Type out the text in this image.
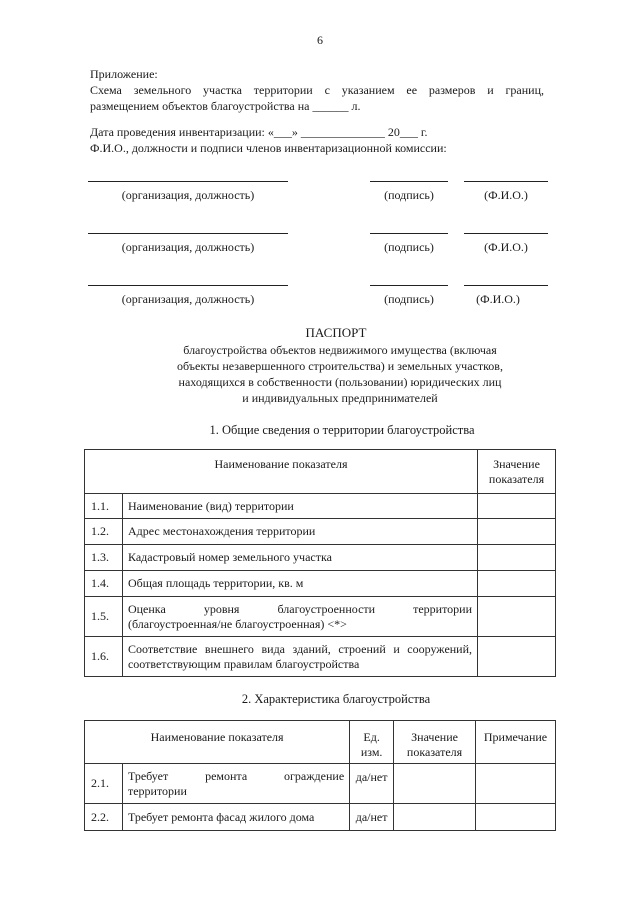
6
Приложение:
Схема земельного участка территории с указанием ее размеров и границ,
размещением объектов благоустройства на ______ л.
Дата проведения инвентаризации: «___» ______________ 20___ г.
Ф.И.О., должности и подписи членов инвентаризационной комиссии:
(организация, должность)	(подпись)	(Ф.И.О.)
(организация, должность)	(подпись)	(Ф.И.О.)
(организация, должность)	(подпись)	(Ф.И.О.)
ПАСПОРТ
благоустройства объектов недвижимого имущества (включая
объекты незавершенного строительства) и земельных участков,
находящихся в собственности (пользовании) юридических лиц
и индивидуальных предпринимателей
1. Общие сведения о территории благоустройства
Наименование показателя		Значение показателя
1.1.	Наименование (вид) территории	
1.2.	Адрес местонахождения территории	
1.3.	Кадастровый номер земельного участка	
1.4.	Общая площадь территории, кв. м	
1.5.	Оценка уровня благоустроенности территории
(благоустроенная/не благоустроенная) <*>	

1.6.	Соответствие внешнего вида зданий, строений и сооружений,
соответствующим правилам благоустройства	

2. Характеристика благоустройства
Наименование показателя		Ед. изм.	Значение показателя	Примечание
2.1.	Требует ремонта ограждение
территории	да/нет		
2.2.	Требует ремонта фасад жилого дома	да/нет		
